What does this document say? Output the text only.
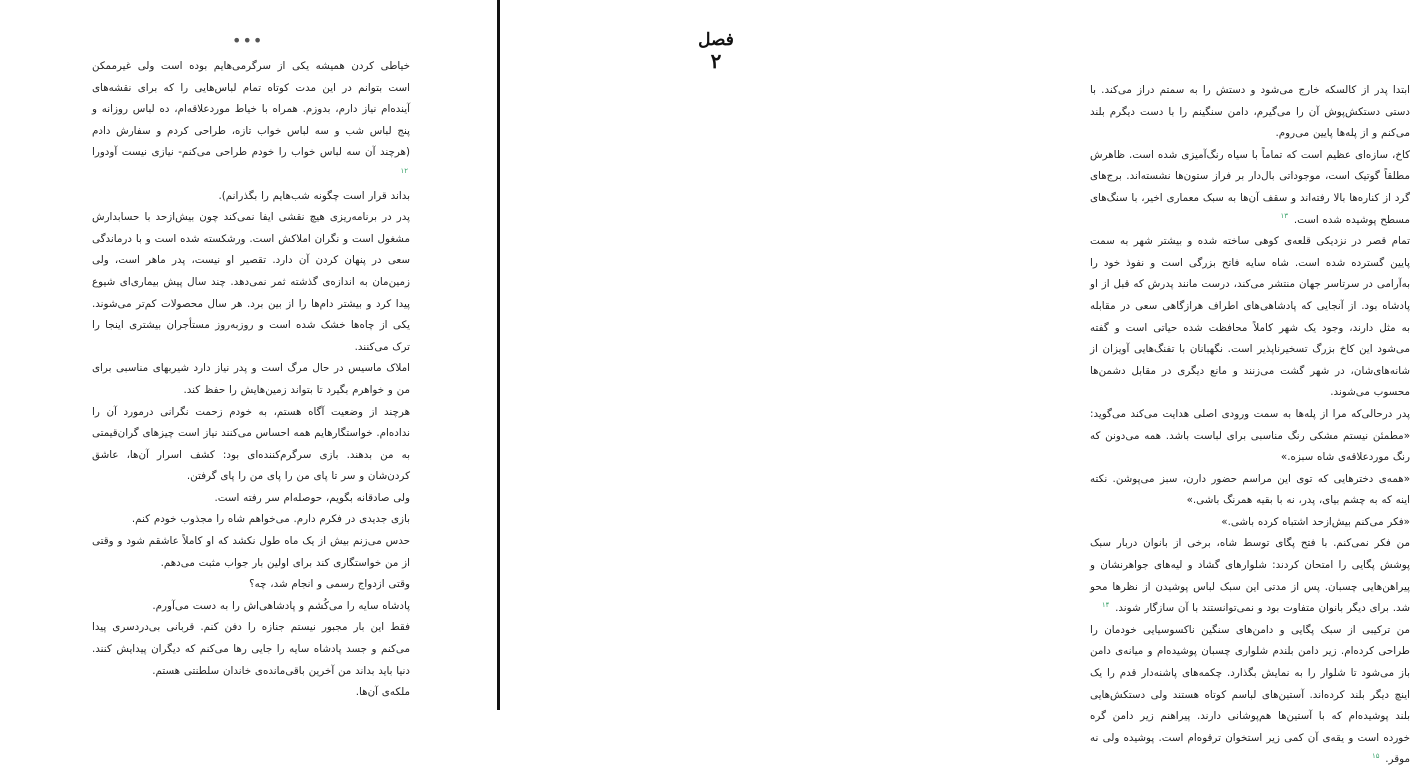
•••

خیاطی کردن همیشه یکی از سرگرمی‌هایم بوده است ولی غیرممکن است بتوانم در این مدت کوتاه تمام لباس‌هایی را که برای نقشه‌های آینده‌ام نیاز دارم، بدوزم. همراه با خیاط موردعلاقه‌ام، ده لباس روزانه و پنج لباس شب و سه لباس خواب تازه، طراحی کردم و سفارش دادم (هرچند آن سه لباس خواب را خودم طراحی می‌کنم- نیازی نیست آودورا $^{۱۲}$

بداند قرار است چگونه شب‌هایم را بگذرانم).

پدر در برنامه‌ریزی هیچ نقشی ایفا نمی‌کند چون بیش‌ازحد با حسابدارش مشغول است و نگران املاکش است. ورشکسته شده است و با درماندگی سعی در پنهان کردن آن دارد. تقصیر او نیست، پدر ماهر است، ولی زمین‌مان به اندازه‌ی گذشته ثمر نمی‌دهد. چند سال پیش بیماری‌ای شیوع پیدا کرد و بیشتر دام‌ها را از بین برد. هر سال محصولات کم‌تر می‌شوند. یکی از چاه‌ها خشک شده است و روزبه‌روز مستأجران بیشتری اینجا را ترک می‌کنند.

املاک ماسیس در حال مرگ است و پدر نیاز دارد شیربهای مناسبی برای من و خواهرم بگیرد تا بتواند زمین‌هایش را حفظ کند.

هرچند از وضعیت آگاه هستم، به خودم زحمت نگرانی درمورد آن را نداده‌ام. خواستگارهایم همه احساس می‌کنند نیاز است چیزهای گران‌قیمتی به من بدهند. بازی سرگرم‌کننده‌ای بود: کشف اسرار آن‌ها، عاشق کردن‌شان و سر تا پای من را پای من را پای گرفتن.

ولی صادقانه بگویم، حوصله‌ام سر رفته است.

بازی جدیدی در فکرم دارم. می‌خواهم شاه را مجذوب خودم کنم.

حدس می‌زنم بیش از یک ماه طول نکشد که او کاملاً عاشقم شود و وقتی از من خواستگاری کند برای اولین بار جواب مثبت می‌دهم.

وقتی ازدواج رسمی و انجام شد، چه؟

پادشاه سایه را می‌کُشم و پادشاهی‌اش را به دست می‌آورم.

فقط این بار مجبور نیستم جنازه را دفن کنم. قربانی بی‌دردسری پیدا می‌کنم و جسد پادشاه سایه را جایی رها می‌کنم که دیگران پیدایش کنند. دنیا باید بداند من آخرین باقی‌مانده‌ی خاندان سلطنتی هستم.

ملکه‌ی آن‌ها.

فصل
۲

ابتدا پدر از کالسکه خارج می‌شود و دستش را به سمتم دراز می‌کند. با دستی دستکش‌پوش آن را می‌گیرم، دامن سنگینم را با دست دیگرم بلند می‌کنم و از پله‌ها پایین می‌روم.

کاخ، سازه‌ای عظیم است که تماماً با سیاه رنگ‌آمیزی شده است. ظاهرش مطلقاً گوتیک است، موجوداتی بال‌دار بر فراز ستون‌ها نشسته‌اند. برج‌های گرد از کناره‌ها بالا رفته‌اند و سقف آن‌ها به سبک معماری اخیر، با سنگ‌های مسطح پوشیده شده است. $^{۱۳}$

تمام قصر در نزدیکی قلعه‌ی کوهی ساخته شده و بیشتر شهر به سمت پایین گسترده شده است. شاه سایه فاتح بزرگی است و نفوذ خود را به‌آرامی در سرتاسر جهان منتشر می‌کند، درست مانند پدرش که قبل از او پادشاه بود. از آنجایی که پادشاهی‌های اطراف هرازگاهی سعی در مقابله به مثل دارند، وجود یک شهر کاملاً محافظت شده حیاتی است و گفته می‌شود این کاخ بزرگ تسخیرناپذیر است. نگهبانان با تفنگ‌هایی آویزان از شانه‌های‌شان، در شهر گشت می‌زنند و مانع دیگری در مقابل دشمن‌ها محسوب می‌شوند.

پدر درحالی‌که مرا از پله‌ها به سمت ورودی اصلی هدایت می‌کند می‌گوید: «مطمئن نیستم مشکی رنگ مناسبی برای لباست باشد. همه می‌دونن که رنگ موردعلاقه‌ی شاه سبزه.»

«همه‌ی دخترهایی که توی این مراسم حضور دارن، سبز می‌پوشن. نکته اینه که به چشم بیای، پدر، نه با بقیه همرنگ باشی.»

«فکر می‌کنم بیش‌ازحد اشتباه کرده باشی.»

من فکر نمی‌کنم. با فتح پگای توسط شاه، برخی از بانوان دربار سبک پوشش پگایی را امتحان کردند: شلوارهای گشاد و لیه‌های جواهرنشان و پیراهن‌هایی چسبان. پس از مدتی این سبک لباس پوشیدن از نظرها محو شد. برای دیگر بانوان متفاوت بود و نمی‌توانستند با آن سازگار شوند. $^{۱۴}$

من ترکیبی از سبک پگایی و دامن‌های سنگین ناکسوسیایی خودمان را طراحی کرده‌ام. زیر دامن بلندم شلواری چسبان پوشیده‌ام و میانه‌ی دامن باز می‌شود تا شلوار را به نمایش بگذارد. چکمه‌های پاشنه‌دار قدم را یک اینچ دیگر بلند کرده‌اند. آستین‌های لباسم کوتاه هستند ولی دستکش‌هایی بلند پوشیده‌ام که با آستین‌ها هم‌پوشانی دارند. پیراهنم زیر دامن گره خورده است و یقه‌ی آن کمی زیر استخوان ترقوه‌ام است. پوشیده ولی نه موقر. $^{۱۵}$
